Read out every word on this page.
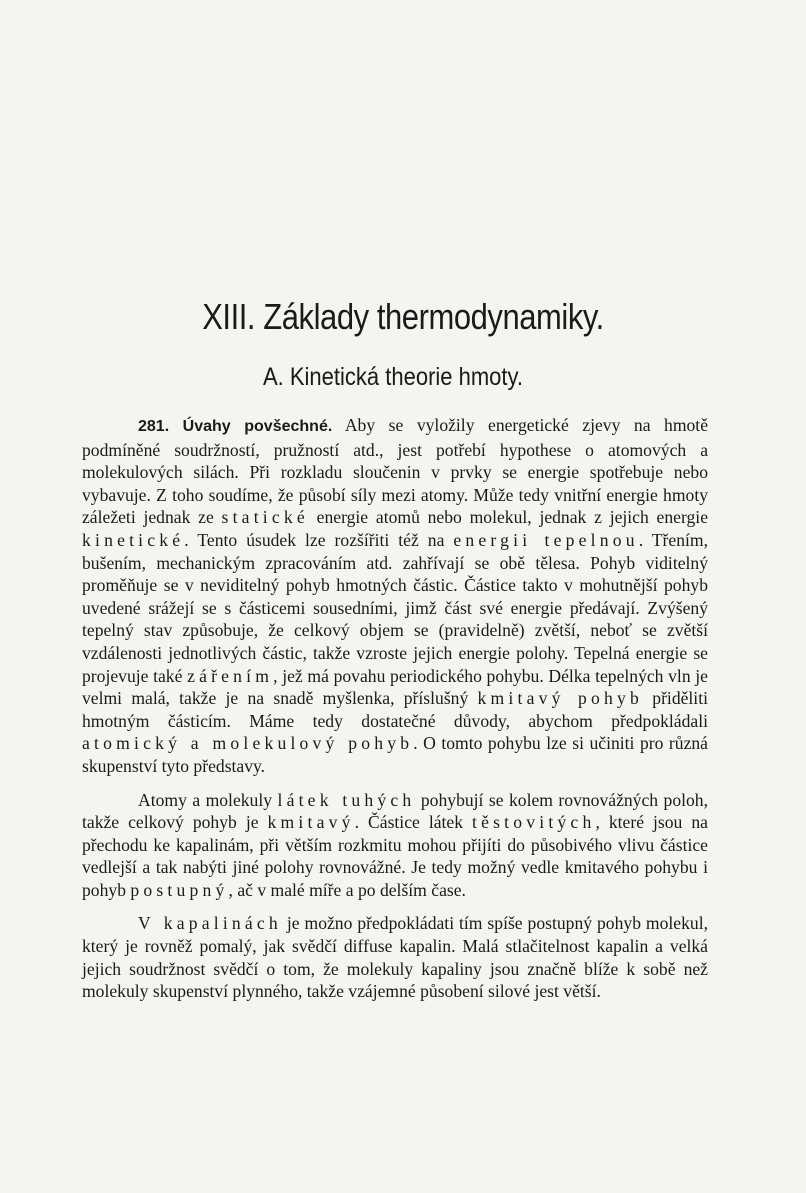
XIII. Základy thermodynamiky.
A. Kinetická theorie hmoty.

281. Úvahy povšechné. Aby se vyložily energetické zjevy na hmotě podmíněné soudržností, pružností atd., jest potřebí hypothese o atomových a molekulových silách. Při rozkladu sloučenin v prvky se energie spotřebuje nebo vybavuje. Z toho soudíme, že působí síly mezi atomy. Může tedy vnitřní energie hmoty záležeti jednak ze statické energie atomů nebo molekul, jednak z jejich energie kinetické. Tento úsudek lze rozšířiti též na energii tepelnou. Třením, bušením, mechanickým zpracováním atd. zahřívají se obě tělesa. Pohyb viditelný proměňuje se v neviditelný pohyb hmotných částic. Částice takto v mohutnější pohyb uvedené srážejí se s částicemi sousedními, jimž část své energie předávají. Zvýšený tepelný stav způsobuje, že celkový objem se (pravidelně) zvětší, neboť se zvětší vzdálenosti jednotlivých částic, takže vzroste jejich energie polohy. Tepelná energie se projevuje také zářením, jež má povahu periodického pohybu. Délka tepelných vln je velmi malá, takže je na snadě myšlenka, příslušný kmitavý pohyb přiděliti hmotným částicím. Máme tedy dostatečné důvody, abychom předpokládali atomický a molekulový pohyb. O tomto pohybu lze si učiniti pro různá skupenství tyto představy.

Atomy a molekuly látek tuhých pohybují se kolem rovnovážných poloh, takže celkový pohyb je kmitavý. Částice látek těstovitých, které jsou na přechodu ke kapalinám, při větším rozkmitu mohou přijíti do působivého vlivu částice vedlejší a tak nabýti jiné polohy rovnovážné. Je tedy možný vedle kmitavého pohybu i pohyb postupný, ač v malé míře a po delším čase.

V kapalinách je možno předpokládati tím spíše postupný pohyb molekul, který je rovněž pomalý, jak svědčí diffuse kapalin. Malá stlačitelnost kapalin a velká jejich soudržnost svědčí o tom, že molekuly kapaliny jsou značně blíže k sobě než molekuly skupenství plynného, takže vzájemné působení silové jest větší.
